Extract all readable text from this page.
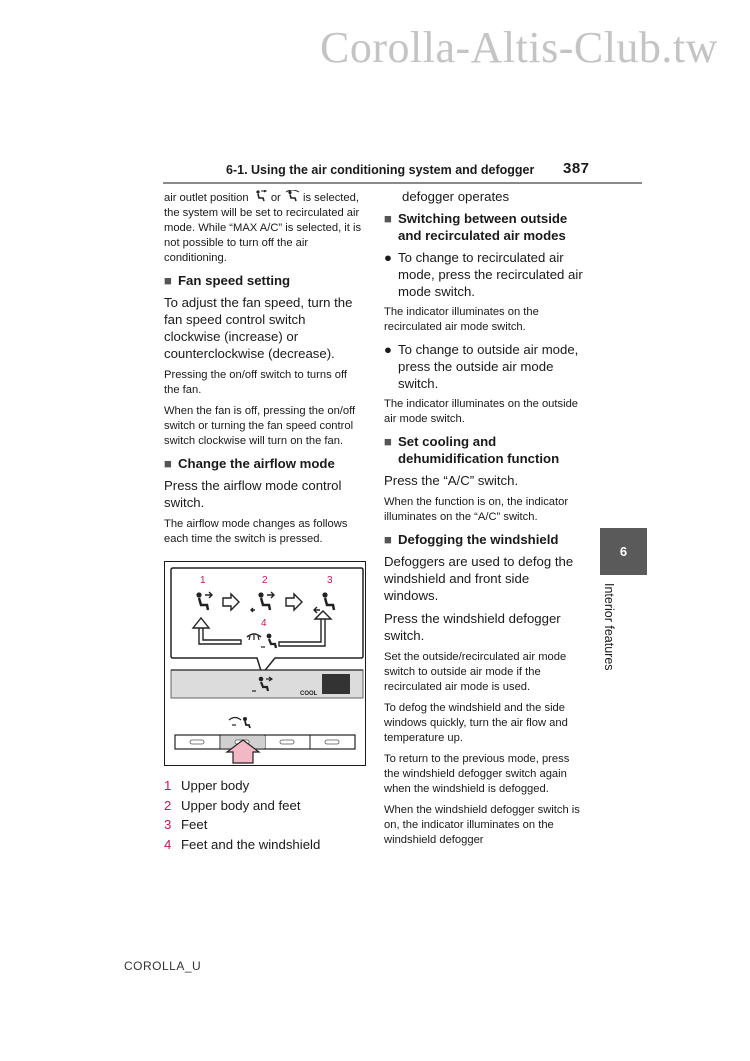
Corolla-Altis-Club.tw
6-1. Using the air conditioning system and defogger 387

air outlet position or is selected, the system will be set to recirculated air mode. While “MAX A/C” is selected, it is not possible to turn off the air conditioning.

■ Fan speed setting

To adjust the fan speed, turn the fan speed control switch clockwise (increase) or counterclockwise (decrease).

Pressing the on/off switch to turns off the fan.

When the fan is off, pressing the on/off switch or turning the fan speed control switch clockwise will turn on the fan.

■ Change the airflow mode

Press the airflow mode control switch.

The airflow mode changes as follows each time the switch is pressed.

1	2	3
4
COOL
1 Upper body
2 Upper body and feet
3 Feet
4 Feet and the windshield

defogger operates

■ Switching between outside and recirculated air modes
● To change to recirculated air mode, press the recirculated air mode switch.

The indicator illuminates on the recirculated air mode switch.

● To change to outside air mode, press the outside air mode switch.

The indicator illuminates on the outside air mode switch.

■ Set cooling and dehumidification function

Press the “A/C” switch.

When the function is on, the indicator illuminates on the “A/C” switch.

■ Defogging the windshield

Defoggers are used to defog the windshield and front side windows.

Press the windshield defogger switch.

Set the outside/recirculated air mode switch to outside air mode if the recirculated air mode is used.

To defog the windshield and the side windows quickly, turn the air flow and temperature up.

To return to the previous mode, press the windshield defogger switch again when the windshield is defogged.

When the windshield defogger switch is on, the indicator illuminates on the windshield defogger

6
Interior features
COROLLA_U
